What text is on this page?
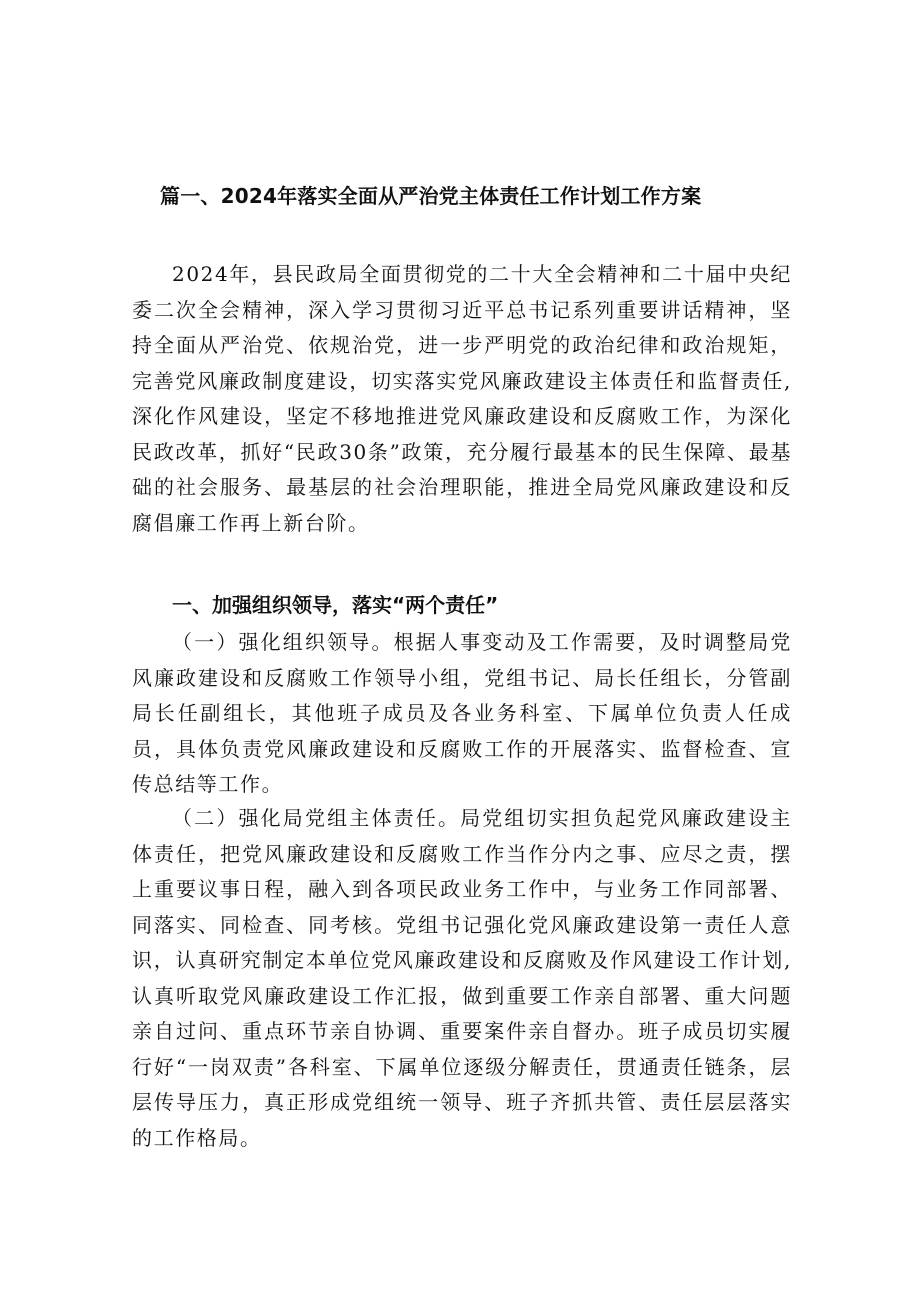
篇一、2024年落实全面从严治党主体责任工作计划工作方案

2024年，县民政局全面贯彻党的二十大全会精神和二十届中央纪委二次全会精神，深入学习贯彻习近平总书记系列重要讲话精神，坚持全面从严治党、依规治党，进一步严明党的政治纪律和政治规矩，完善党风廉政制度建设，切实落实党风廉政建设主体责任和监督责任,深化作风建设，坚定不移地推进党风廉政建设和反腐败工作，为深化民政改革，抓好“民政30条”政策，充分履行最基本的民生保障、最基础的社会服务、最基层的社会治理职能，推进全局党风廉政建设和反腐倡廉工作再上新台阶。

一、加强组织领导，落实“两个责任”

（一）强化组织领导。根据人事变动及工作需要，及时调整局党风廉政建设和反腐败工作领导小组，党组书记、局长任组长，分管副局长任副组长，其他班子成员及各业务科室、下属单位负责人任成员，具体负责党风廉政建设和反腐败工作的开展落实、监督检查、宣传总结等工作。

（二）强化局党组主体责任。局党组切实担负起党风廉政建设主体责任，把党风廉政建设和反腐败工作当作分内之事、应尽之责，摆上重要议事日程，融入到各项民政业务工作中，与业务工作同部署、同落实、同检查、同考核。党组书记强化党风廉政建设第一责任人意识，认真研究制定本单位党风廉政建设和反腐败及作风建设工作计划,认真听取党风廉政建设工作汇报，做到重要工作亲自部署、重大问题亲自过问、重点环节亲自协调、重要案件亲自督办。班子成员切实履行好“一岗双责”各科室、下属单位逐级分解责任，贯通责任链条，层层传导压力，真正形成党组统一领导、班子齐抓共管、责任层层落实的工作格局。
